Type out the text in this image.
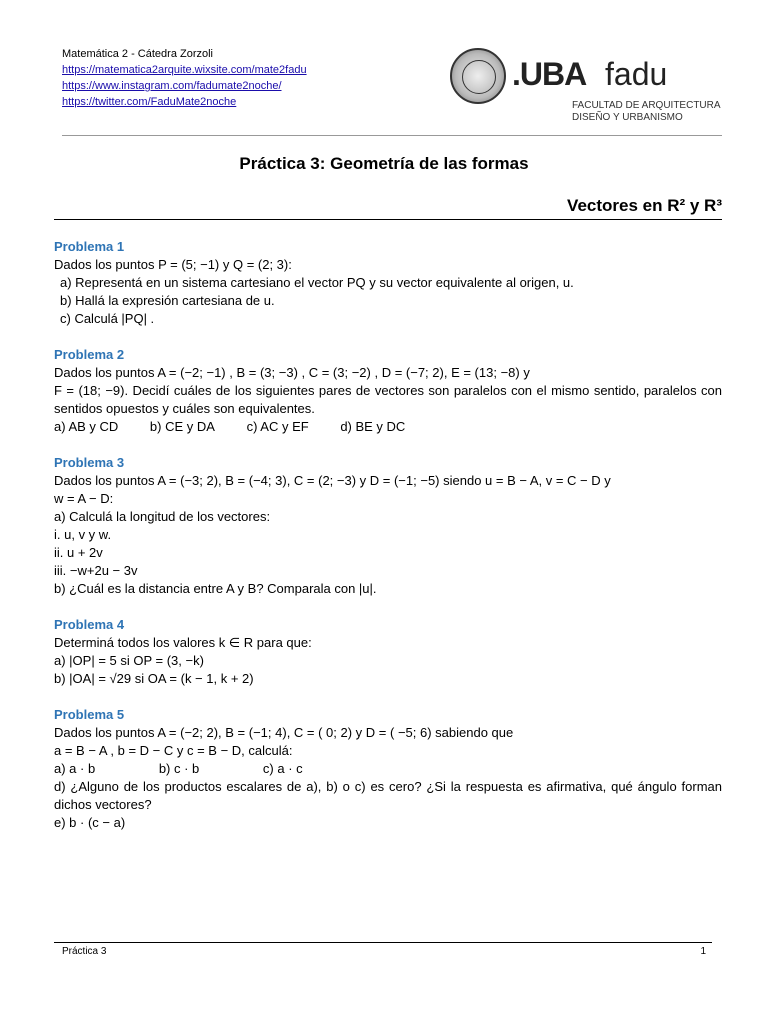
Matemática 2 - Cátedra Zorzoli
https://matematica2arquite.wixsite.com/mate2fadu
https://www.instagram.com/fadumate2noche/
https://twitter.com/FaduMate2noche
.UBA fadu
FACULTAD DE ARQUITECTURA
DISEÑO Y URBANISMO
Práctica 3: Geometría de las formas
Vectores en R² y R³

Problema 1

Dados los puntos P = (5; −1) y Q = (2; 3):

a) Representá en un sistema cartesiano el vector PQ y su vector equivalente al origen, u.

b) Hallá la expresión cartesiana de u.

c) Calculá |PQ| .

Problema 2

Dados los puntos A = (−2; −1) , B = (3; −3) , C = (3; −2) , D = (−7; 2), E = (13; −8) y

F = (18; −9). Decidí cuáles de los siguientes pares de vectores son paralelos con el mismo sentido, paralelos con sentidos opuestos y cuáles son equivalentes.

a) AB y CD b) CE y DA c) AC y EF d) BE y DC

Problema 3

Dados los puntos A = (−3; 2), B = (−4; 3), C = (2; −3) y D = (−1; −5) siendo u = B − A, v = C − D y

w = A − D:

a) Calculá la longitud de los vectores:

i. u, v y w.

ii. u + 2v

iii. −w+2u − 3v

b) ¿Cuál es la distancia entre A y B? Comparala con |u|.

Problema 4

Determiná todos los valores k ∈ R para que:

a) |OP| = 5 si OP = (3, −k)

b) |OA| = √29 si OA = (k − 1, k + 2)

Problema 5

Dados los puntos A = (−2; 2), B = (−1; 4), C = ( 0; 2) y D = ( −5; 6) sabiendo que

a = B − A , b = D − C y c = B − D, calculá:

a) a · b	b) c · b	c) a · c

d) ¿Alguno de los productos escalares de a), b) o c) es cero? ¿Si la respuesta es afirmativa, qué ángulo forman dichos vectores?

e) b · (c − a)

Práctica 3	1
